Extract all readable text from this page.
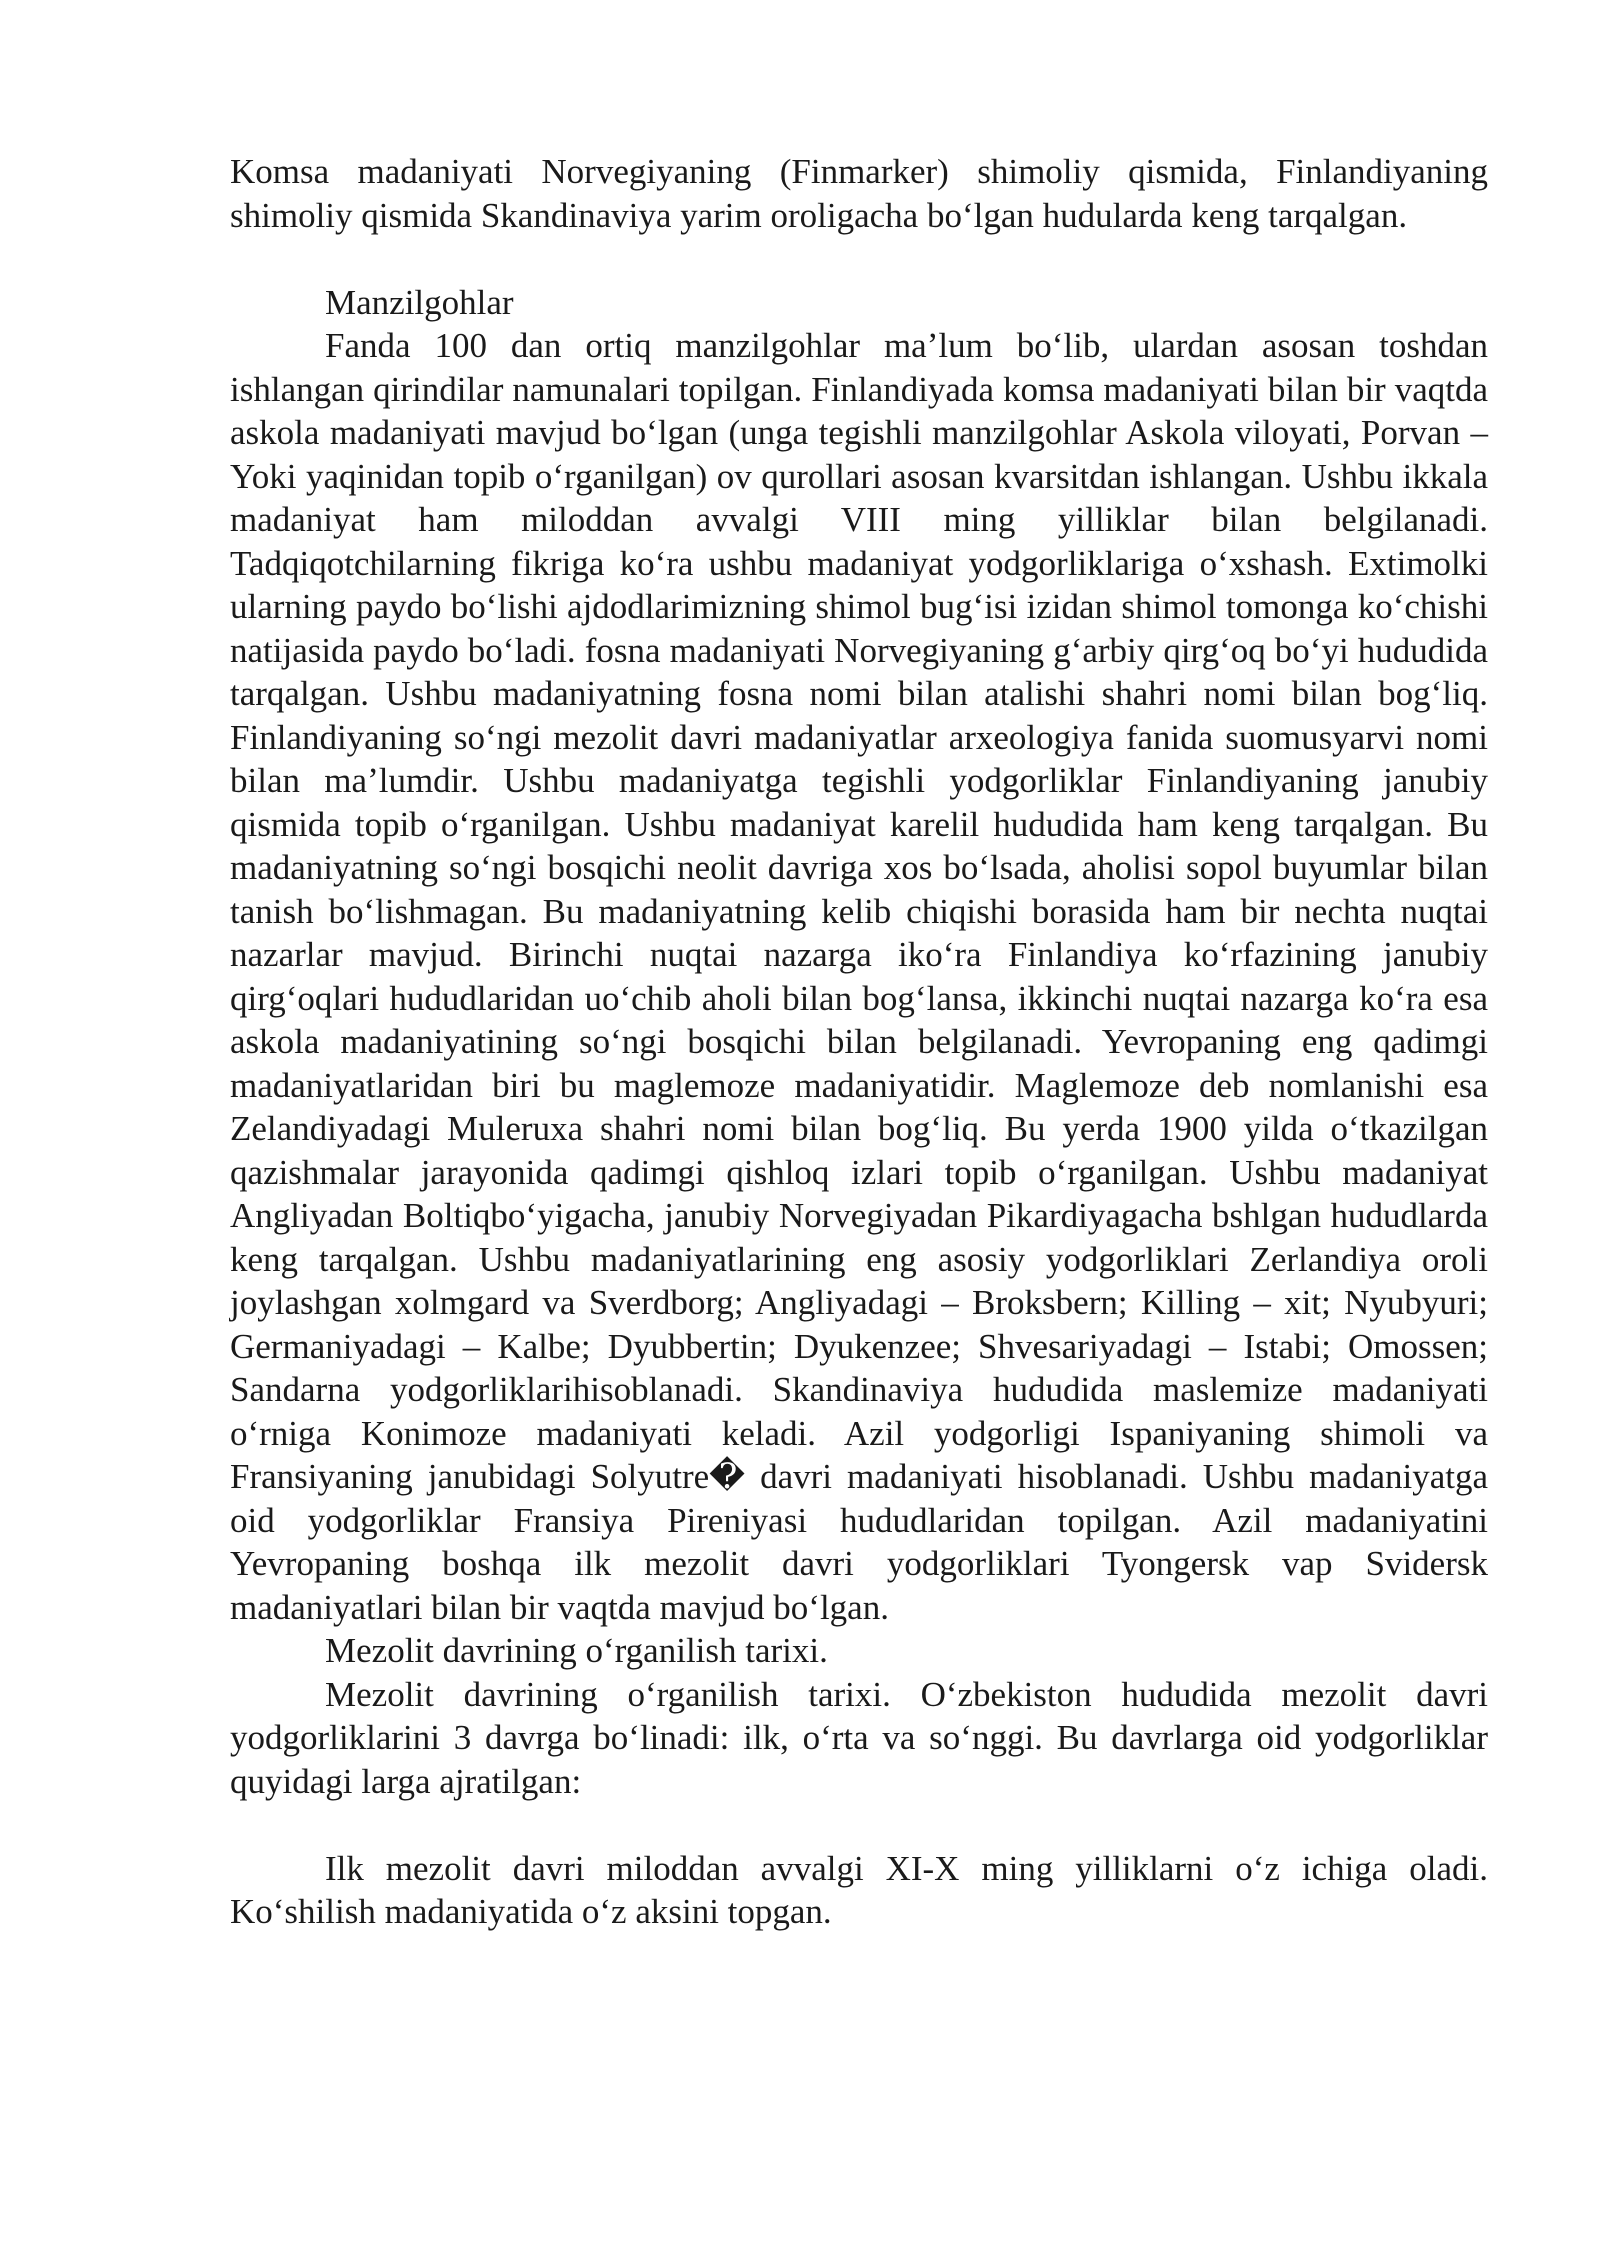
Komsa madaniyati Norvegiyaning (Finmarker) shimoliy qismida, Finlandiyaning shimoliy qismida Skandinaviya yarim oroligacha boʻlgan hudularda keng tarqalgan.

Manzilgohlar

Fanda 100 dan ortiq manzilgohlar maʼlum boʻlib, ulardan asosan toshdan ishlangan qirindilar namunalari topilgan. Finlandiyada komsa madaniyati bilan bir vaqtda askola madaniyati mavjud boʻlgan (unga tegishli manzilgohlar Askola viloyati, Porvan – Yoki yaqinidan topib oʻrganilgan) ov qurollari asosan kvarsitdan ishlangan. Ushbu ikkala madaniyat ham miloddan avvalgi VIII ming yilliklar bilan belgilanadi. Tadqiqotchilarning fikriga koʻra ushbu madaniyat yodgorliklariga oʻxshash. Extimolki ularning paydo boʻlishi ajdodlarimizning shimol bugʻisi izidan shimol tomonga koʻchishi natijasida paydo boʻladi. fosna madaniyati Norvegiyaning gʻarbiy qirgʻoq boʻyi hududida tarqalgan. Ushbu madaniyatning fosna nomi bilan atalishi shahri nomi bilan bogʻliq. Finlandiyaning soʻngi mezolit davri madaniyatlar arxeologiya fanida suomusyarvi nomi bilan maʼlumdir. Ushbu madaniyatga tegishli yodgorliklar Finlandiyaning janubiy qismida topib oʻrganilgan. Ushbu madaniyat karelil hududida ham keng tarqalgan. Bu madaniyatning soʻngi bosqichi neolit davriga xos boʻlsada, aholisi sopol buyumlar bilan tanish boʻlishmagan. Bu madaniyatning kelib chiqishi borasida ham bir nechta nuqtai nazarlar mavjud. Birinchi nuqtai nazarga ikoʻra Finlandiya koʻrfazining janubiy qirgʻoqlari hududlaridan uoʻchib aholi bilan bogʻlansa, ikkinchi nuqtai nazarga koʻra esa askola madaniyatining soʻngi bosqichi bilan belgilanadi. Yevropaning eng qadimgi madaniyatlaridan biri bu maglemoze madaniyatidir. Maglemoze deb nomlanishi esa Zelandiyadagi Muleruxa shahri nomi bilan bogʻliq. Bu yerda 1900 yilda oʻtkazilgan qazishmalar jarayonida qadimgi qishloq izlari topib oʻrganilgan. Ushbu madaniyat Angliyadan Boltiqboʻyigacha, janubiy Norvegiyadan Pikardiyagacha bshlgan hududlarda keng tarqalgan. Ushbu madaniyatlarining eng asosiy yodgorliklari Zerlandiya oroli joylashgan xolmgard va Sverdborg; Angliyadagi – Broksbern; Killing – xit; Nyubyuri; Germaniyadagi – Kalbe; Dyubbertin; Dyukenzee; Shvesariyadagi – Istabi; Omossen; Sandarna yodgorliklarihisoblanadi. Skandinaviya hududida maslemize madaniyati oʻrniga Konimoze madaniyati keladi. Azil yodgorligi Ispaniyaning shimoli va Fransiyaning janubidagi Solyutre� davri madaniyati hisoblanadi. Ushbu madaniyatga oid yodgorliklar Fransiya Pireniyasi hududlaridan topilgan. Azil madaniyatini Yevropaning boshqa ilk mezolit davri yodgorliklari Tyongersk vap Svidersk madaniyatlari bilan bir vaqtda mavjud boʻlgan.

Mezolit davrining oʻrganilish tarixi.

Mezolit davrining oʻrganilish tarixi. Oʻzbekiston hududida mezolit davri yodgorliklarini 3 davrga boʻlinadi: ilk, oʻrta va soʻnggi. Bu davrlarga oid yodgorliklar quyidagi larga ajratilgan:

Ilk mezolit davri miloddan avvalgi XI-X ming yilliklarni oʻz ichiga oladi. Koʻshilish madaniyatida oʻz aksini topgan.
